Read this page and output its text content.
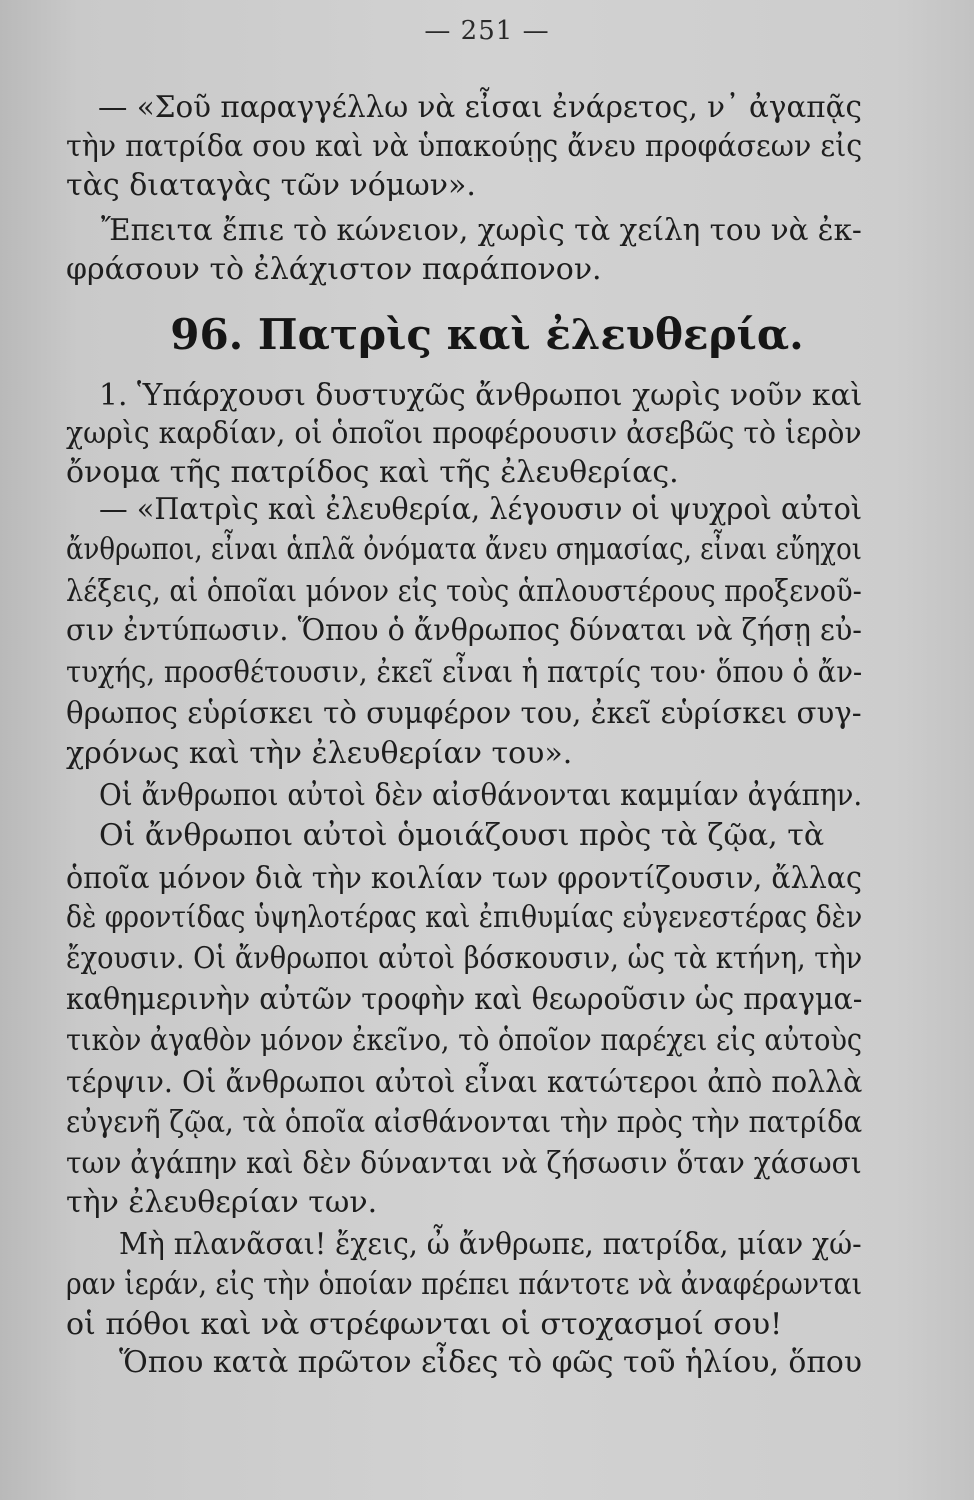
— 251 —
— «Σοῦ παραγγέλλω νὰ εἶσαι ἐνάρετος, ν᾽ ἀγαπᾷς
τὴν πατρίδα σου καὶ νὰ ὑπακούῃς ἄνευ προφάσεων εἰς
τὰς διαταγὰς τῶν νόμων».
Ἔπειτα ἔπιε τὸ κώνειον, χωρὶς τὰ χείλη του νὰ ἐκ-
φράσουν τὸ ἐλάχιστον παράπονον.
96. Πατρὶς καὶ ἐλευθερία.
1. Ὑπάρχουσι δυστυχῶς ἄνθρωποι χωρὶς νοῦν καὶ
χωρὶς καρδίαν, οἱ ὁποῖοι προφέρουσιν ἀσεβῶς τὸ ἱερὸν
ὄνομα τῆς πατρίδος καὶ τῆς ἐλευθερίας.
— «Πατρὶς καὶ ἐλευθερία, λέγουσιν οἱ ψυχροὶ αὐτοὶ
ἄνθρωποι, εἶναι ἁπλᾶ ὀνόματα ἄνευ σημασίας, εἶναι εὔηχοι
λέξεις, αἱ ὁποῖαι μόνον εἰς τοὺς ἁπλουστέρους προξενοῦ-
σιν ἐντύπωσιν. Ὅπου ὁ ἄνθρωπος δύναται νὰ ζήσῃ εὐ-
τυχής, προσθέτουσιν, ἐκεῖ εἶναι ἡ πατρίς του· ὅπου ὁ ἄν-
θρωπος εὑρίσκει τὸ συμφέρον του, ἐκεῖ εὑρίσκει συγ-
χρόνως καὶ τὴν ἐλευθερίαν του».
Οἱ ἄνθρωποι αὐτοὶ δὲν αἰσθάνονται καμμίαν ἀγάπην.
Οἱ ἄνθρωποι αὐτοὶ ὁμοιάζουσι πρὸς τὰ ζῷα, τὰ
ὁποῖα μόνον διὰ τὴν κοιλίαν των φροντίζουσιν, ἄλλας
δὲ φροντίδας ὑψηλοτέρας καὶ ἐπιθυμίας εὐγενεστέρας δὲν
ἔχουσιν. Οἱ ἄνθρωποι αὐτοὶ βόσκουσιν, ὡς τὰ κτήνη, τὴν
καθημερινὴν αὐτῶν τροφὴν καὶ θεωροῦσιν ὡς πραγμα-
τικὸν ἀγαθὸν μόνον ἐκεῖνο, τὸ ὁποῖον παρέχει εἰς αὐτοὺς
τέρψιν. Οἱ ἄνθρωποι αὐτοὶ εἶναι κατώτεροι ἀπὸ πολλὰ
εὐγενῆ ζῷα, τὰ ὁποῖα αἰσθάνονται τὴν πρὸς τὴν πατρίδα
των ἀγάπην καὶ δὲν δύνανται νὰ ζήσωσιν ὅταν χάσωσι
τὴν ἐλευθερίαν των.
Μὴ πλανᾶσαι! ἔχεις, ὦ ἄνθρωπε, πατρίδα, μίαν χώ-
ραν ἱεράν, εἰς τὴν ὁποίαν πρέπει πάντοτε νὰ ἀναφέρωνται
οἱ πόθοι καὶ νὰ στρέφωνται οἱ στοχασμοί σου!
Ὅπου κατὰ πρῶτον εἶδες τὸ φῶς τοῦ ἡλίου, ὅπου
